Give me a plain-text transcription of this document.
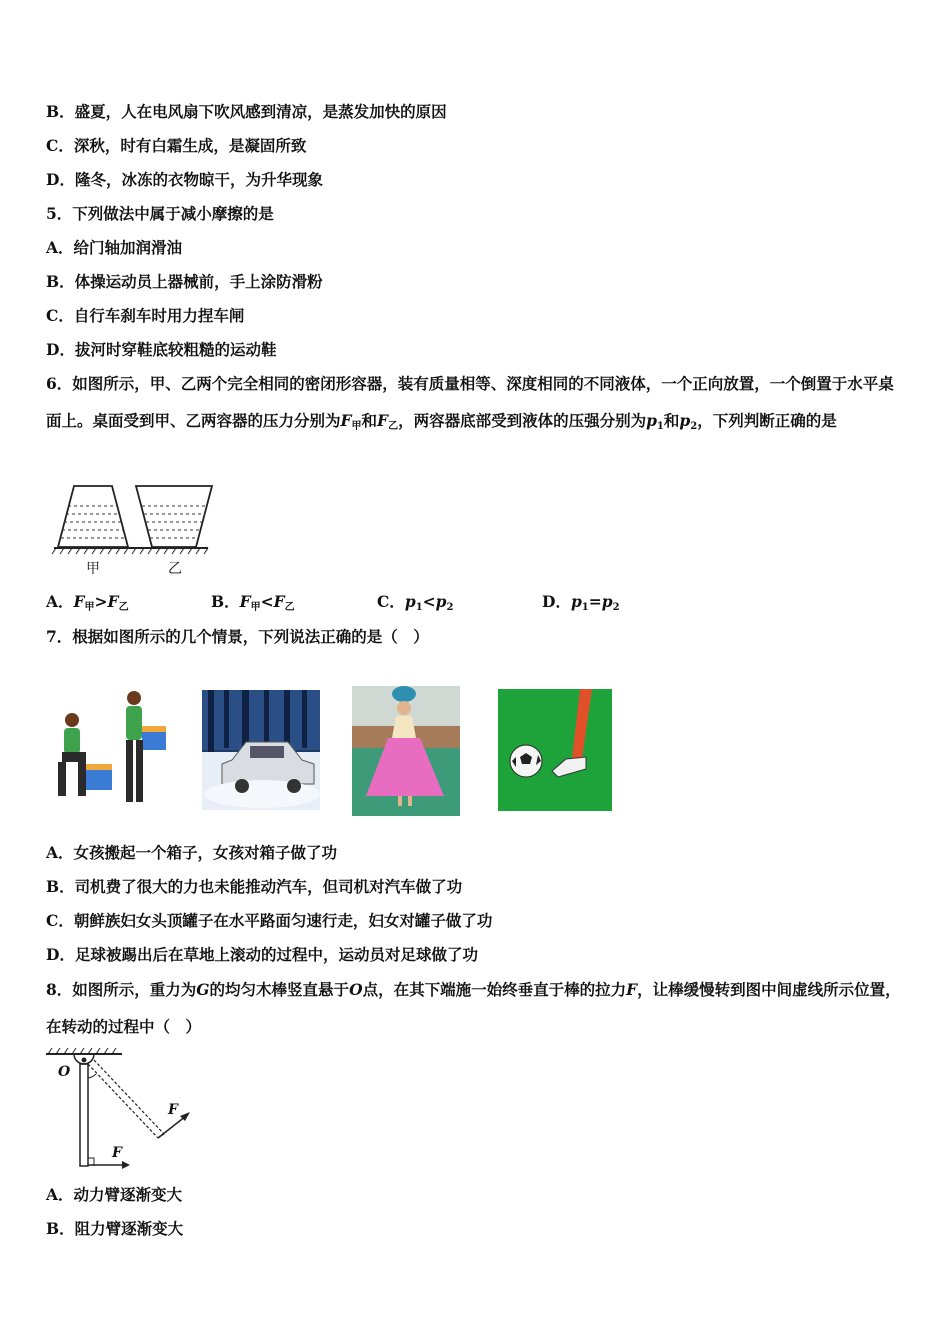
B．盛夏，人在电风扇下吹风感到清凉，是蒸发加快的原因
C．深秋，时有白霜生成，是凝固所致
D．隆冬，冰冻的衣物晾干，为升华现象
5．下列做法中属于减小摩擦的是
A．给门轴加润滑油
B．体操运动员上器械前，手上涂防滑粉
C．自行车刹车时用力捏车闸
D．拔河时穿鞋底较粗糙的运动鞋
6．如图所示，甲、乙两个完全相同的密闭形容器，装有质量相等、深度相同的不同液体，一个正向放置，一个倒置于水平桌面上。桌面受到甲、乙两容器的压力分别为$F_甲$和$F_乙$，两容器底部受到液体的压强分别为$p_1$和$p_2$，下列判断正确的是
甲	乙
A．$F_甲>F_乙$	B．$F_甲<F_乙$	C．$p_1<p_2$	D．$p_1=p_2$
7．根据如图所示的几个情景，下列说法正确的是（　）
A．女孩搬起一个箱子，女孩对箱子做了功
B．司机费了很大的力也未能推动汽车，但司机对汽车做了功
C．朝鲜族妇女头顶罐子在水平路面匀速行走，妇女对罐子做了功
D．足球被踢出后在草地上滚动的过程中，运动员对足球做了功
8．如图所示，重力为G的均匀木棒竖直悬于O点，在其下端施一始终垂直于棒的拉力F，让棒缓慢转到图中间虚线所示位置，在转动的过程中（　）
O
F
F
A．动力臂逐渐变大
B．阻力臂逐渐变大
